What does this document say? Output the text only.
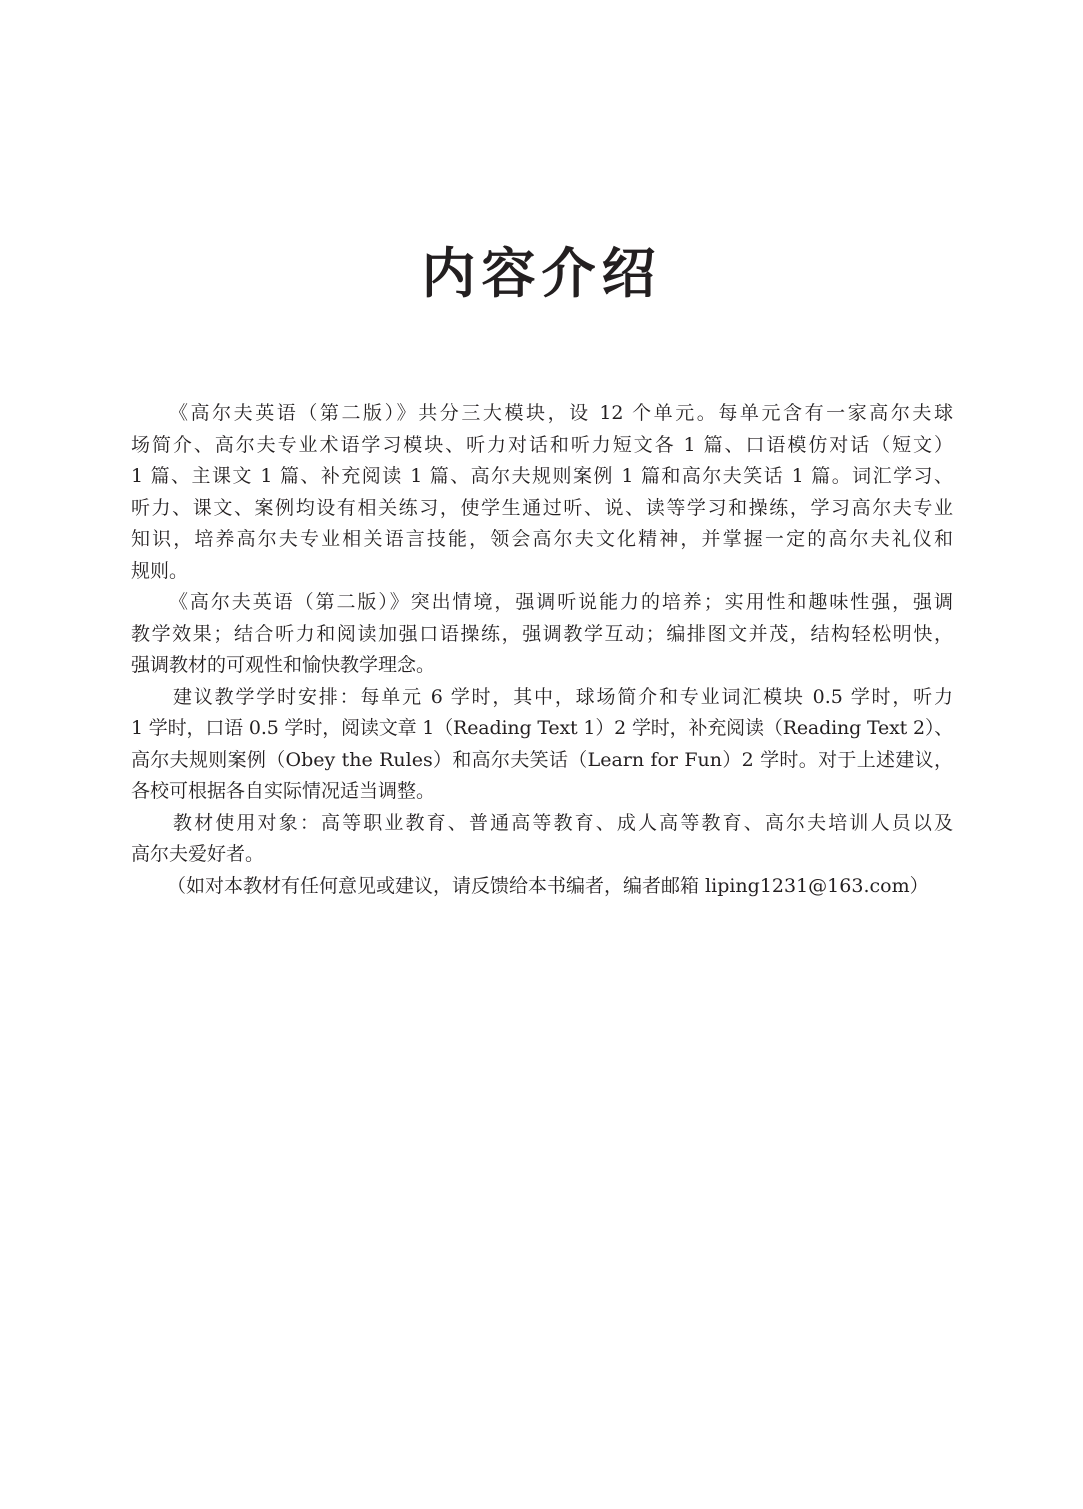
内容介绍
《高尔夫英语（第二版）》共分三大模块，设 12 个单元。每单元含有一家高尔夫球
场简介、高尔夫专业术语学习模块、听力对话和听力短文各 1 篇、口语模仿对话（短文）
1 篇、主课文 1 篇、补充阅读 1 篇、高尔夫规则案例 1 篇和高尔夫笑话 1 篇。词汇学习、
听力、课文、案例均设有相关练习，使学生通过听、说、读等学习和操练，学习高尔夫专业
知识，培养高尔夫专业相关语言技能，领会高尔夫文化精神，并掌握一定的高尔夫礼仪和
规则。
《高尔夫英语（第二版）》突出情境，强调听说能力的培养；实用性和趣味性强，强调
教学效果；结合听力和阅读加强口语操练，强调教学互动；编排图文并茂，结构轻松明快，
强调教材的可观性和愉快教学理念。
建议教学学时安排：每单元 6 学时，其中，球场简介和专业词汇模块 0.5 学时，听力
1 学时，口语 0.5 学时，阅读文章 1（Reading Text 1）2 学时，补充阅读（Reading Text 2）、
高尔夫规则案例（Obey the Rules）和高尔夫笑话（Learn for Fun）2 学时。对于上述建议，
各校可根据各自实际情况适当调整。
教材使用对象：高等职业教育、普通高等教育、成人高等教育、高尔夫培训人员以及
高尔夫爱好者。
（如对本教材有任何意见或建议，请反馈给本书编者，编者邮箱 liping1231@163.com）
